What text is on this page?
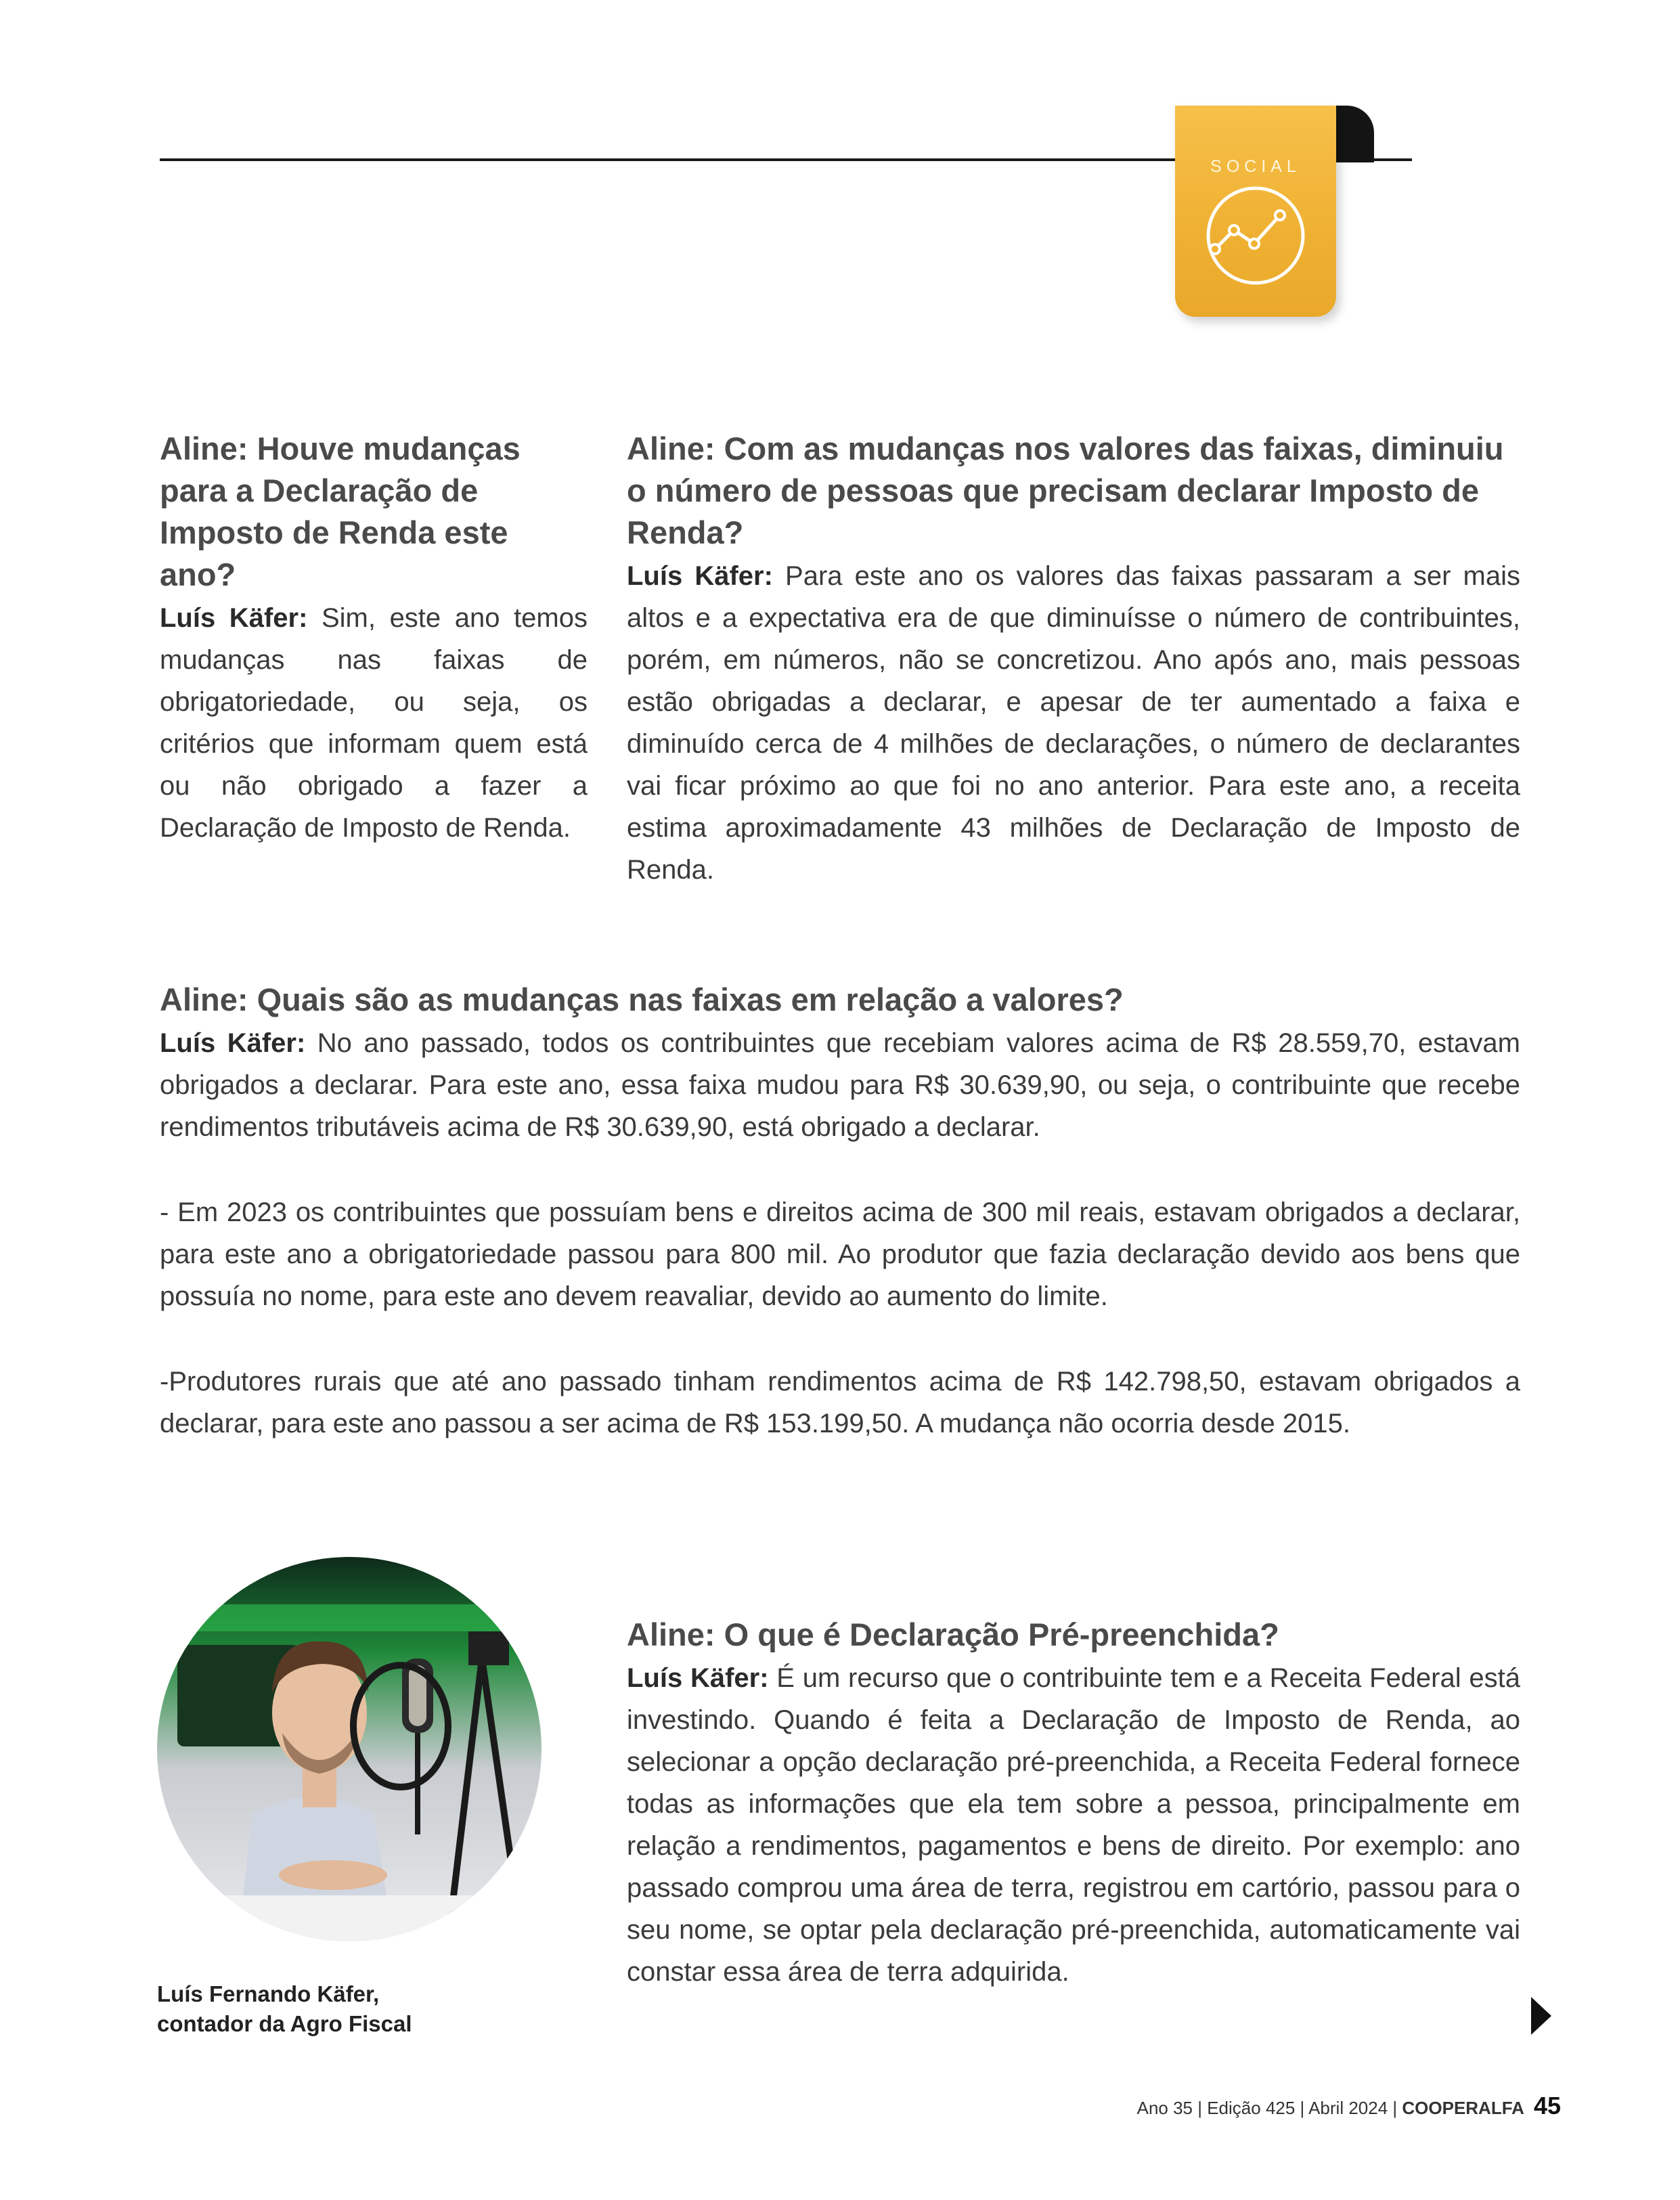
SOCIAL
Aline: Houve mudanças para a Declaração de Imposto de Renda este ano?

Luís Käfer: Sim, este ano temos mudanças nas faixas de obrigatoriedade, ou seja, os critérios que informam quem está ou não obrigado a fazer a Declaração de Imposto de Renda.

Aline: Com as mudanças nos valores das faixas, diminuiu o número de pessoas que precisam declarar Imposto de Renda?

Luís Käfer: Para este ano os valores das faixas passaram a ser mais altos e a expectativa era de que diminuísse o número de contribuintes, porém, em números, não se concretizou. Ano após ano, mais pessoas estão obrigadas a declarar, e apesar de ter aumentado a faixa e diminuído cerca de 4 milhões de declarações, o número de declarantes vai ficar próximo ao que foi no ano anterior. Para este ano, a receita estima aproximadamente 43 milhões de Declaração de Imposto de Renda.

Aline: Quais são as mudanças nas faixas em relação a valores?

Luís Käfer: No ano passado, todos os contribuintes que recebiam valores acima de R$ 28.559,70, estavam obrigados a declarar. Para este ano, essa faixa mudou para R$ 30.639,90, ou seja, o contribuinte que recebe rendimentos tributáveis acima de R$ 30.639,90, está obrigado a declarar.

- Em 2023 os contribuintes que possuíam bens e direitos acima de 300 mil reais, estavam obrigados a declarar, para este ano a obrigatoriedade passou para 800 mil. Ao produtor que fazia declaração devido aos bens que possuía no nome, para este ano devem reavaliar, devido ao aumento do limite.

-Produtores rurais que até ano passado tinham rendimentos acima de R$ 142.798,50, estavam obrigados a declarar, para este ano passou a ser acima de R$ 153.199,50. A mudança não ocorria desde 2015.

Luís Fernando Käfer,
contador da Agro Fiscal

Aline: O que é Declaração Pré-preenchida?

Luís Käfer: É um recurso que o contribuinte tem e a Receita Federal está investindo. Quando é feita a Declaração de Imposto de Renda, ao selecionar a opção declaração pré-preenchida, a Receita Federal fornece todas as informações que ela tem sobre a pessoa, principalmente em relação a rendimentos, pagamentos e bens de direito. Por exemplo: ano passado comprou uma área de terra, registrou em cartório, passou para o seu nome, se optar pela declaração pré-preenchida, automaticamente vai constar essa área de terra adquirida.

Ano 35 | Edição 425 | Abril 2024 | COOPERALFA 45
